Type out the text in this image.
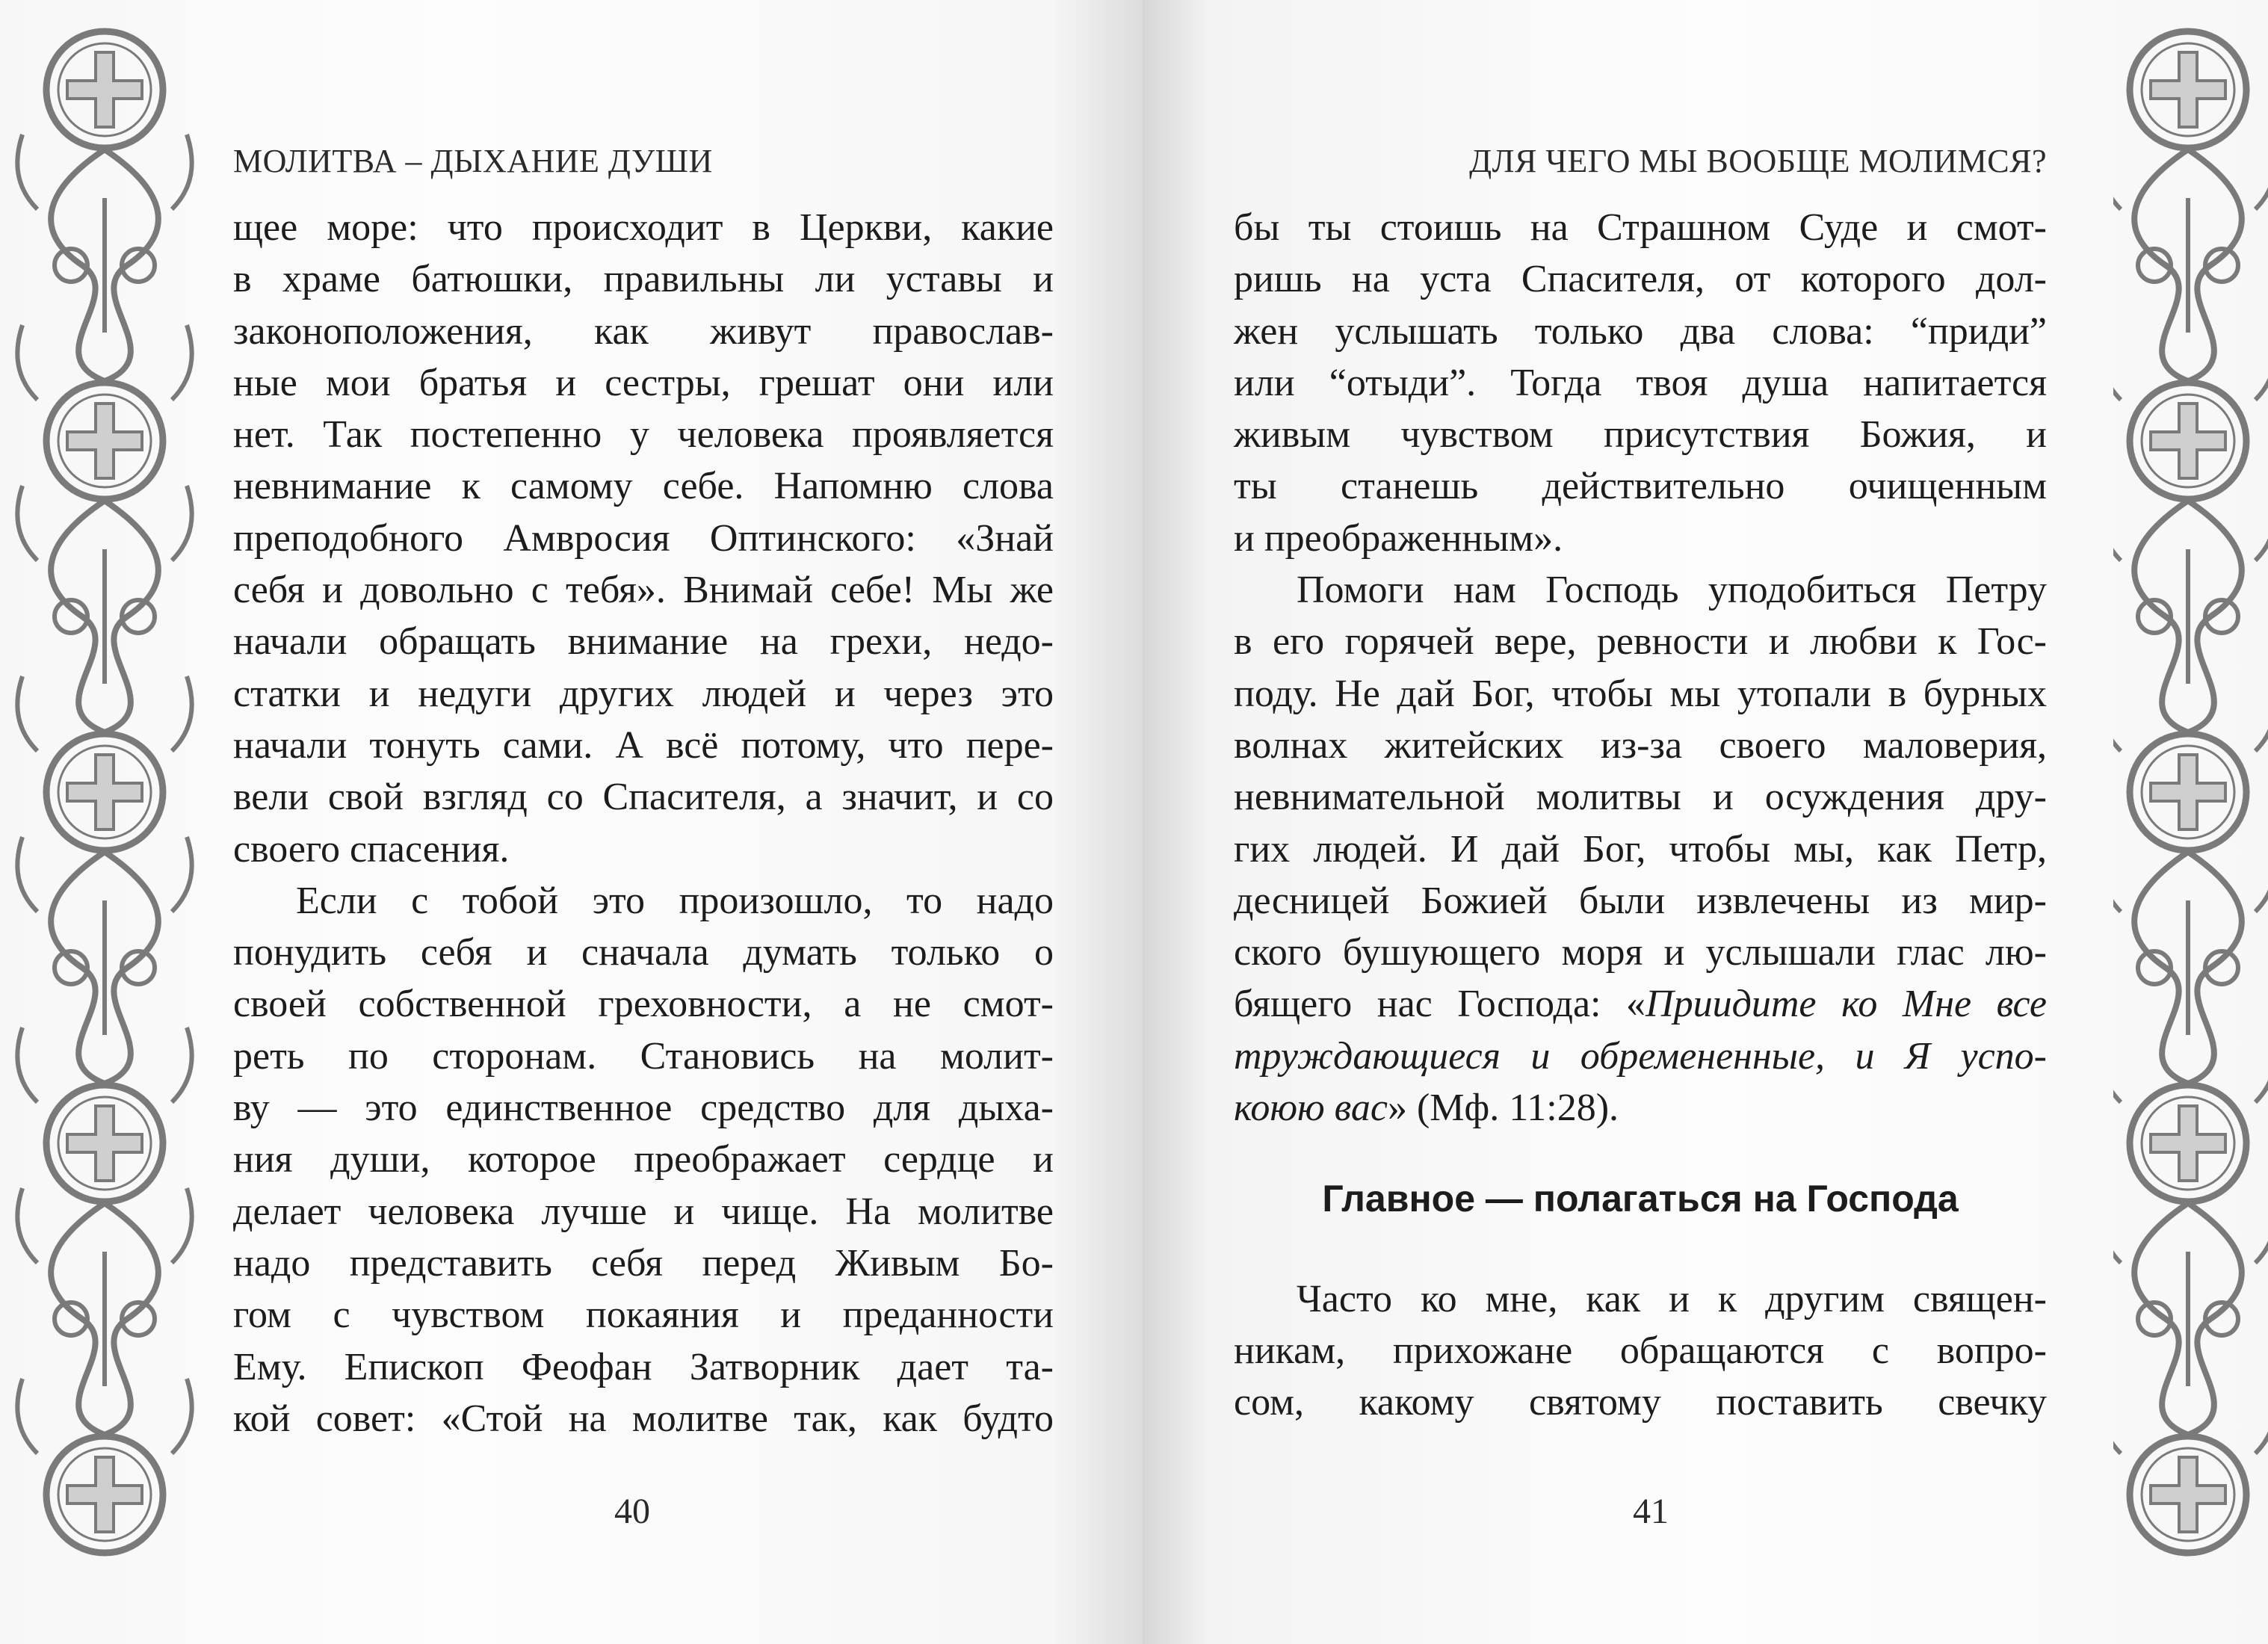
МОЛИТВА – ДЫХАНИЕ ДУШИ
щее море: что происходит в Церкви, какие
в храме батюшки, правильны ли уставы и
законоположения, как живут православ-
ные мои братья и сестры, грешат они или
нет. Так постепенно у человека проявляется
невнимание к самому себе. Напомню слова
преподобного Амвросия Оптинского: «Знай
себя и довольно с тебя». Внимай себе! Мы же
начали обращать внимание на грехи, недо-
статки и недуги других людей и через это
начали тонуть сами. А всё потому, что пере-
вели свой взгляд со Спасителя, а значит, и со
своего спасения.
Если с тобой это произошло, то надо
понудить себя и сначала думать только о
своей собственной греховности, а не смот-
реть по сторонам. Становись на молит-
ву — это единственное средство для дыха-
ния души, которое преображает сердце и
делает человека лучше и чище. На молитве
надо представить себя перед Живым Бо-
гом с чувством покаяния и преданности
Ему. Епископ Феофан Затворник дает та-
кой совет: «Стой на молитве так, как будто
40
ДЛЯ ЧЕГО МЫ ВООБЩЕ МОЛИМСЯ?
бы ты стоишь на Страшном Суде и смот-
ришь на уста Спасителя, от которого дол-
жен услышать только два слова: “приди”
или “отыди”. Тогда твоя душа напитается
живым чувством присутствия Божия, и
ты станешь действительно очищенным
и преображенным».
Помоги нам Господь уподобиться Петру
в его горячей вере, ревности и любви к Гос-
поду. Не дай Бог, чтобы мы утопали в бурных
волнах житейских из-за своего маловерия,
невнимательной молитвы и осуждения дру-
гих людей. И дай Бог, чтобы мы, как Петр,
десницей Божией были извлечены из мир-
ского бушующего моря и услышали глас лю-
бящего нас Господа: «Приидите ко Мне все
труждающиеся и обремененные, и Я успо-
коюю вас» (Мф. 11:28).
Главное — полагаться на Господа
Часто ко мне, как и к другим священ-
никам, прихожане обращаются с вопро-
сом, какому святому поставить свечку
41
